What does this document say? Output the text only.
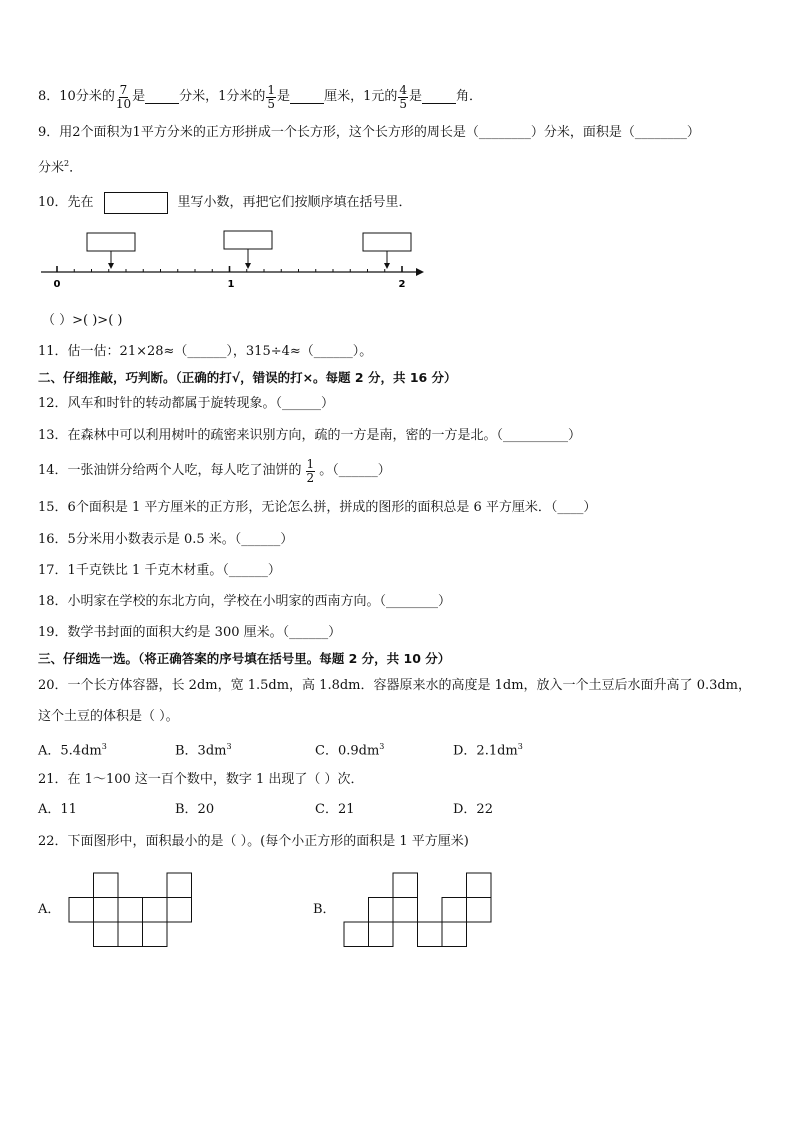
8．10分米的 $\frac{7}{10}$ 是	分米，1分米的 $\frac{1}{5}$ 是	厘米，1元的 $\frac{4}{5}$ 是	角．
9．用2个面积为1平方分米的正方形拼成一个长方形，这个长方形的周长是（________）分米，面积是（________）
分米$^2$．
10．先在	里写小数，再把它们按顺序填在括号里．
0	1	2
（ ）>( )>( )
11．估一估：21×28≈（______），315÷4≈（______）。
二、仔细推敲，巧判断。（正确的打√，错误的打×。每题 2 分，共 16 分）
12．风车和时针的转动都属于旋转现象。（______）
13．在森林中可以利用树叶的疏密来识别方向，疏的一方是南，密的一方是北。（__________）
14．一张油饼分给两个人吃，每人吃了油饼的 $\frac{1}{2}$ 。（______）
15．6个面积是 1 平方厘米的正方形，无论怎么拼，拼成的图形的面积总是 6 平方厘米．（____）
16．5分米用小数表示是 0.5 米。（______）
17．1千克铁比 1 千克木材重。（______）
18．小明家在学校的东北方向，学校在小明家的西南方向。（________）
19．数学书封面的面积大约是 300 厘米。（______）
三、仔细选一选。（将正确答案的序号填在括号里。每题 2 分，共 10 分）
20．一个长方体容器，长 2dm，宽 1.5dm，高 1.8dm．容器原来水的高度是 1dm，放入一个土豆后水面升高了 0.3dm，
这个土豆的体积是（ ）。
A．$5.4dm^3$	B．$3dm^3$	C．$0.9dm^3$	D．$2.1dm^3$
21．在 1～100 这一百个数中，数字 1 出现了（ ）次．
A．11	B．20	C．21	D．22
22．下面图形中，面积最小的是（ ）。(每个小正方形的面积是 1 平方厘米)
A．	B．
